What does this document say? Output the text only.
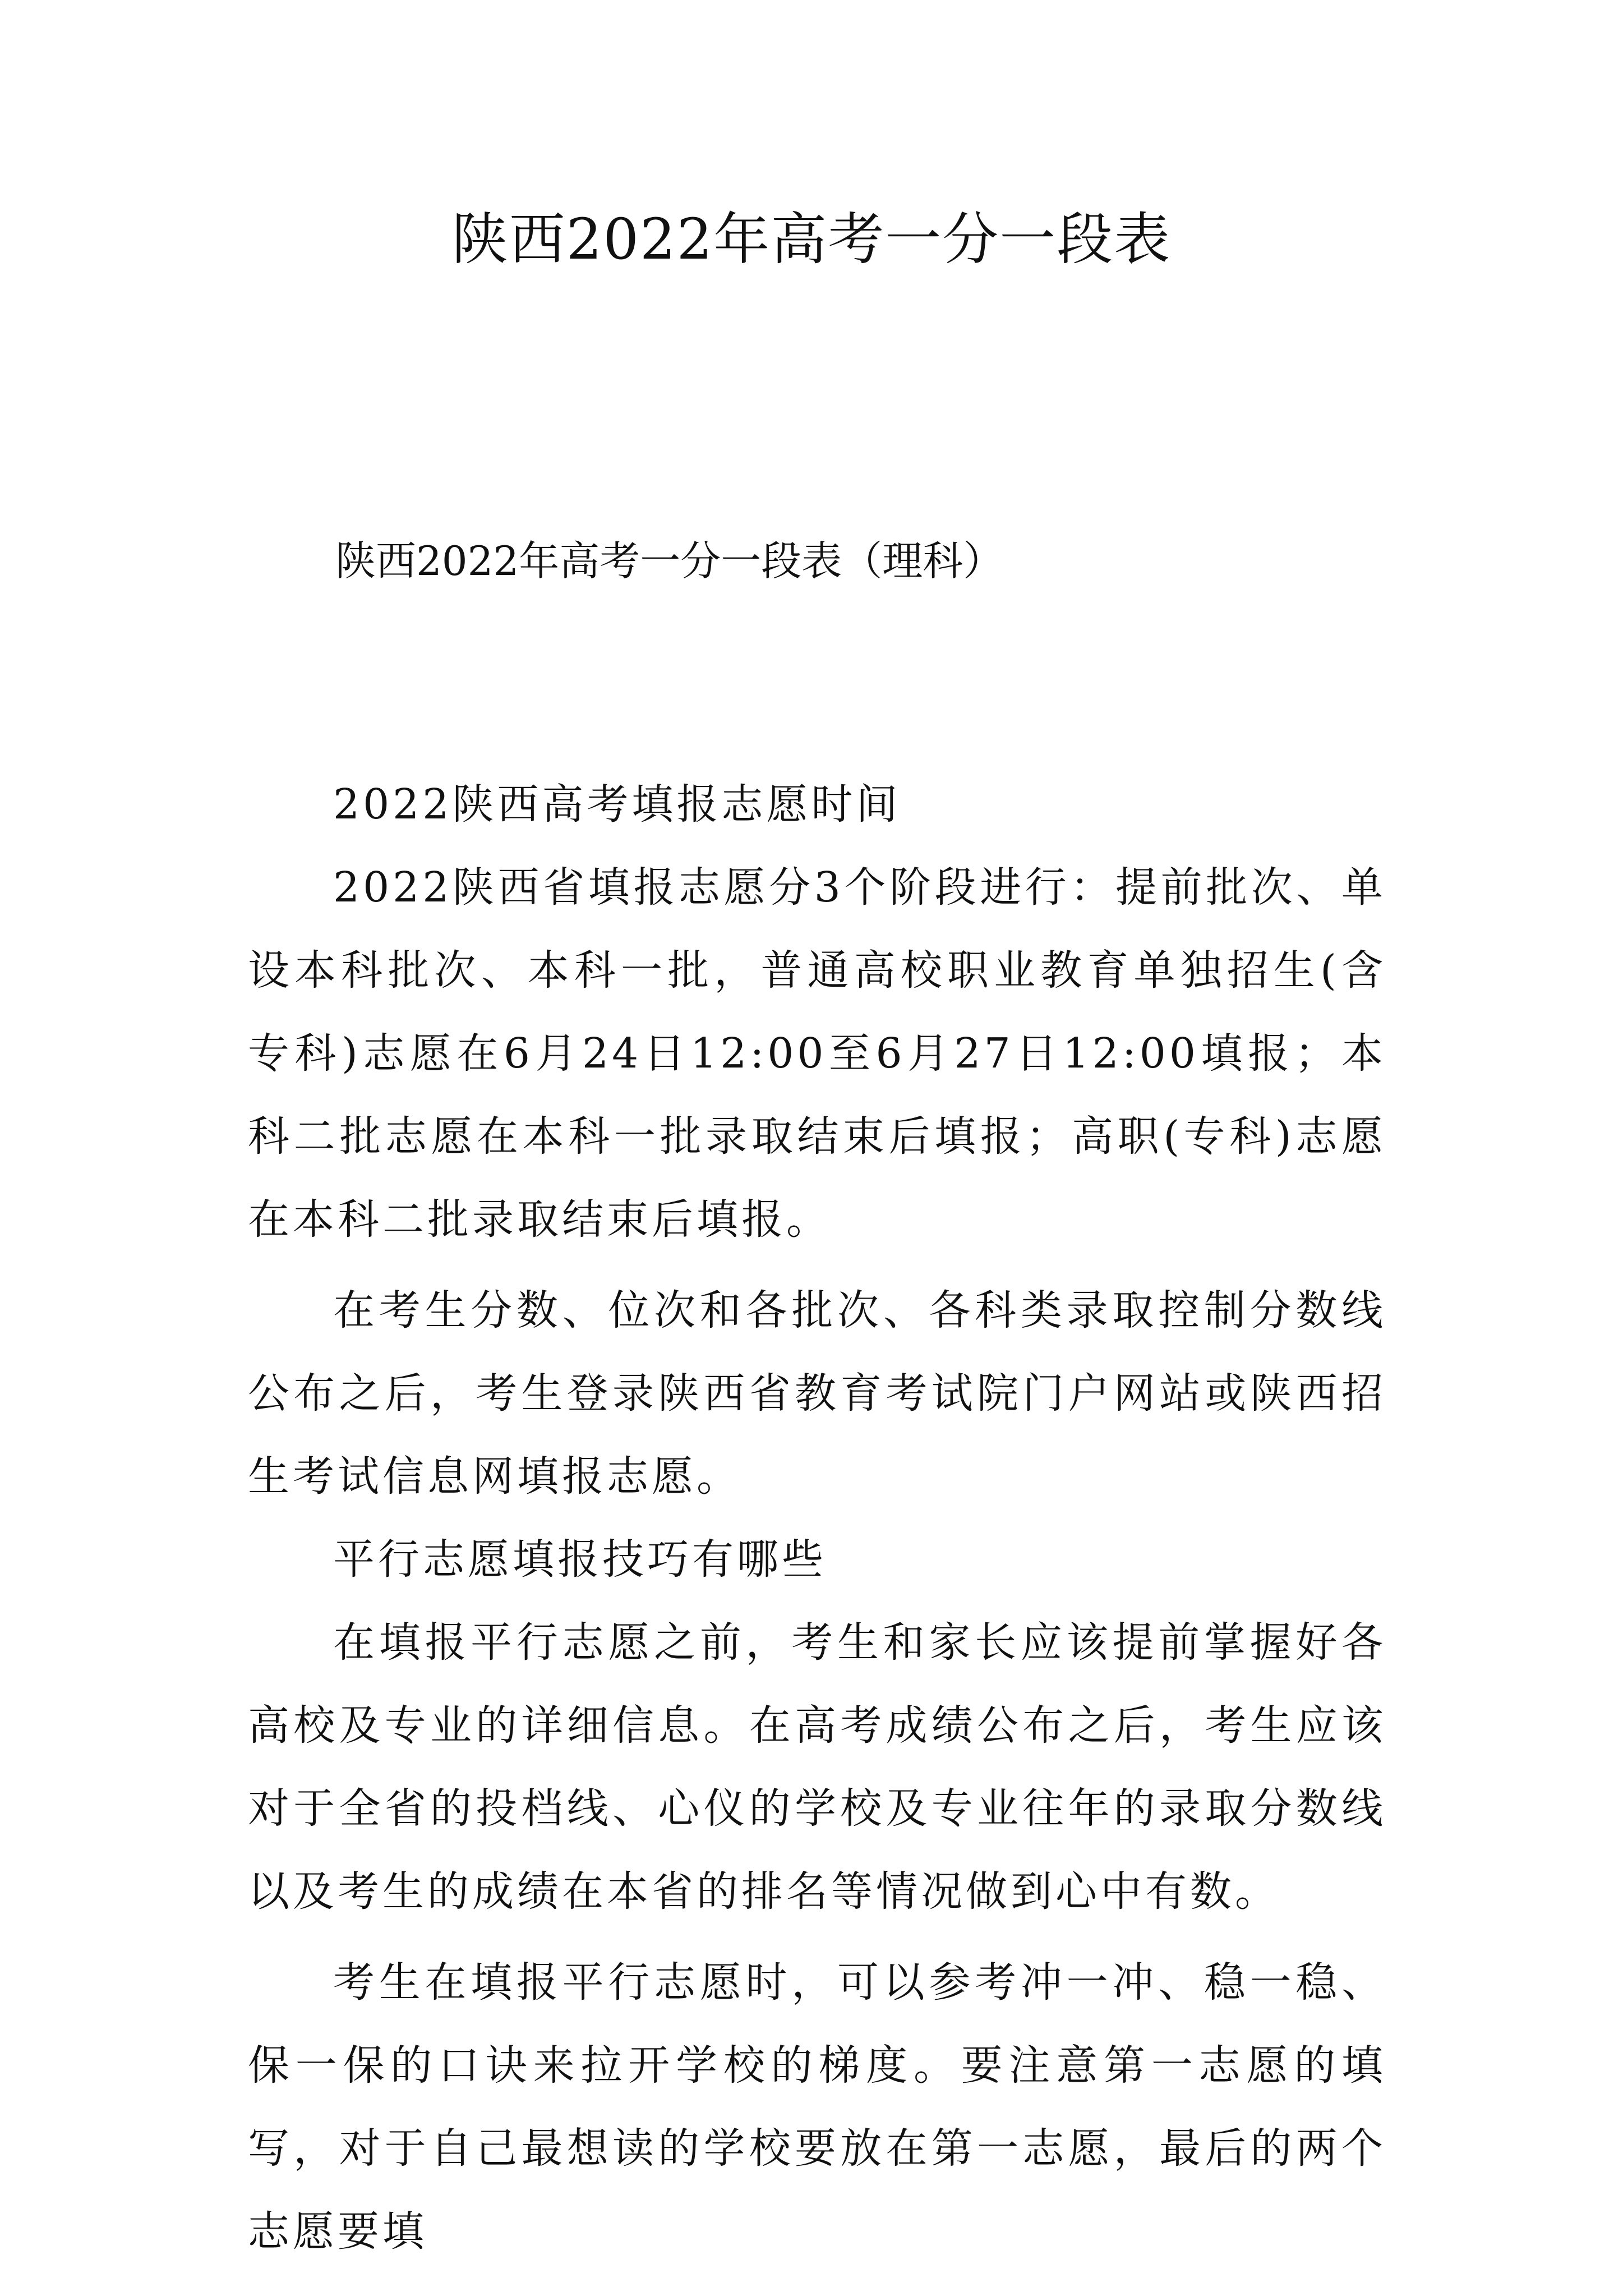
陕西2022年高考一分一段表
陕西2022年高考一分一段表（理科）

2022陕西高考填报志愿时间

2022陕西省填报志愿分3个阶段进行：提前批次、单设本科批次、本科一批，普通高校职业教育单独招生(含专科)志愿在6月24日12:00至6月27日12:00填报；本科二批志愿在本科一批录取结束后填报；高职(专科)志愿在本科二批录取结束后填报。

在考生分数、位次和各批次、各科类录取控制分数线公布之后，考生登录陕西省教育考试院门户网站或陕西招生考试信息网填报志愿。

平行志愿填报技巧有哪些

在填报平行志愿之前，考生和家长应该提前掌握好各高校及专业的详细信息。在高考成绩公布之后，考生应该对于全省的投档线、心仪的学校及专业往年的录取分数线以及考生的成绩在本省的排名等情况做到心中有数。

考生在填报平行志愿时，可以参考冲一冲、稳一稳、保一保的口诀来拉开学校的梯度。要注意第一志愿的填写，对于自己最想读的学校要放在第一志愿，最后的两个志愿要填
